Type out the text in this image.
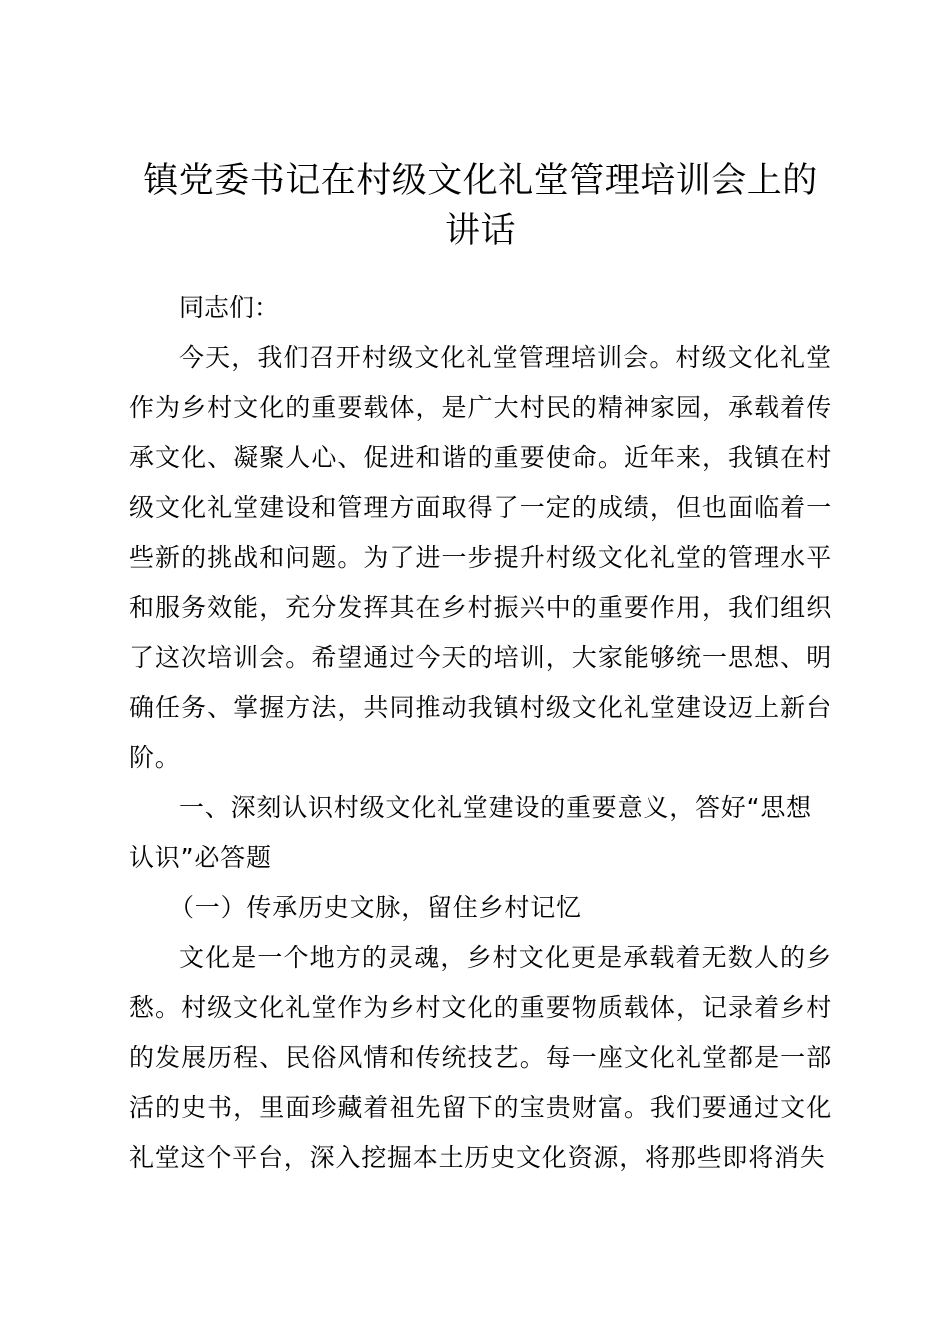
镇党委书记在村级文化礼堂管理培训会上的讲话

同志们：

今天，我们召开村级文化礼堂管理培训会。村级文化礼堂作为乡村文化的重要载体，是广大村民的精神家园，承载着传承文化、凝聚人心、促进和谐的重要使命。近年来，我镇在村级文化礼堂建设和管理方面取得了一定的成绩，但也面临着一些新的挑战和问题。为了进一步提升村级文化礼堂的管理水平和服务效能，充分发挥其在乡村振兴中的重要作用，我们组织了这次培训会。希望通过今天的培训，大家能够统一思想、明确任务、掌握方法，共同推动我镇村级文化礼堂建设迈上新台阶。

一、深刻认识村级文化礼堂建设的重要意义，答好“思想认识”必答题

（一）传承历史文脉，留住乡村记忆

文化是一个地方的灵魂，乡村文化更是承载着无数人的乡愁。村级文化礼堂作为乡村文化的重要物质载体，记录着乡村的发展历程、民俗风情和传统技艺。每一座文化礼堂都是一部活的史书，里面珍藏着祖先留下的宝贵财富。我们要通过文化礼堂这个平台，深入挖掘本土历史文化资源，将那些即将消失
